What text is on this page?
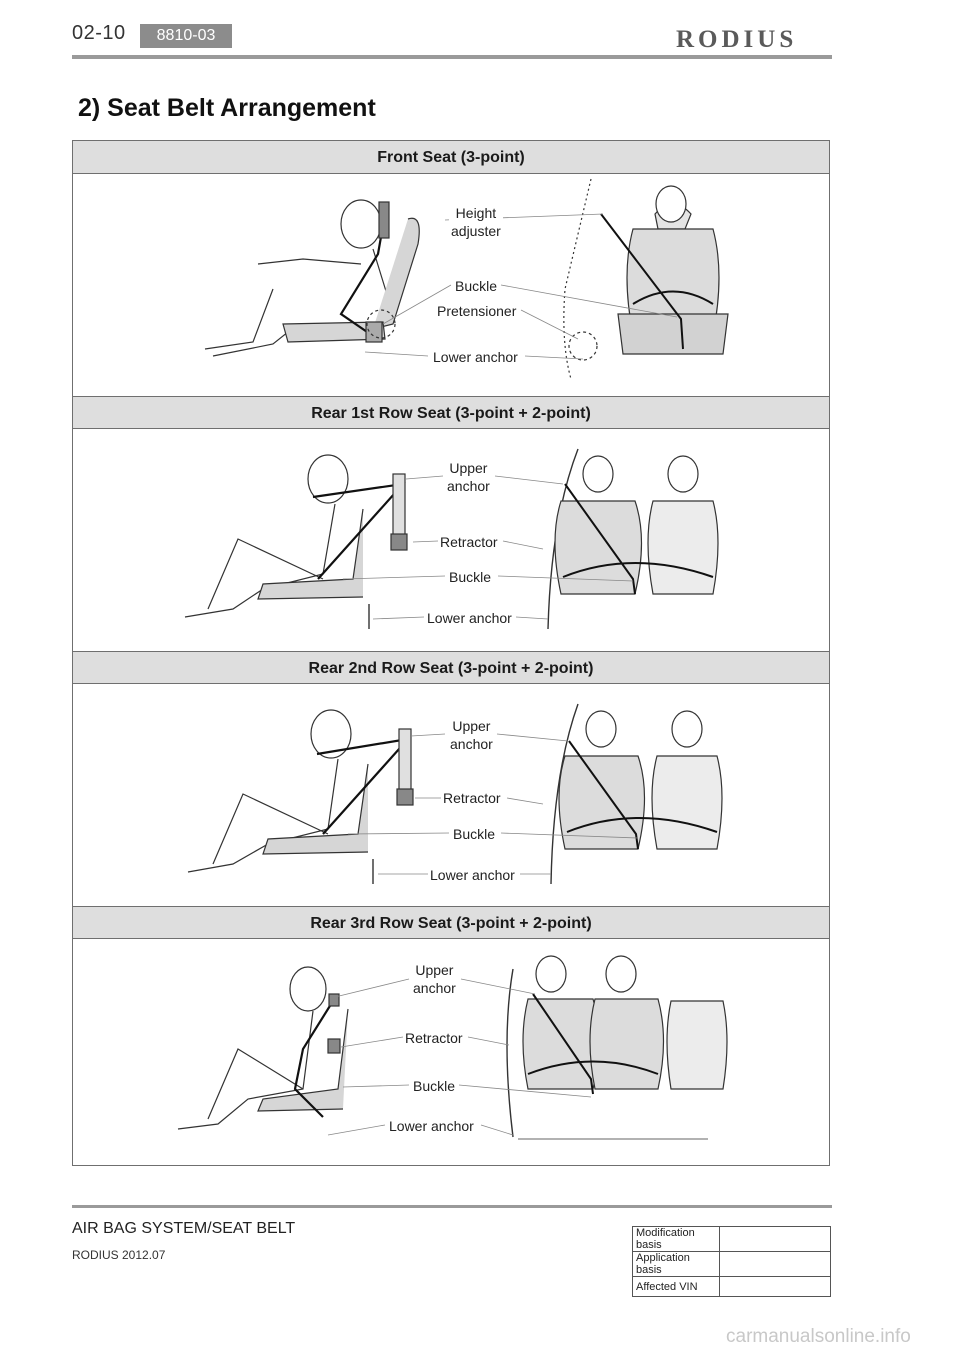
02-10	8810-03	RODIUS
2) Seat Belt Arrangement
Front Seat (3-point)
Height
adjuster
Buckle
Pretensioner
Lower anchor
Rear 1st Row Seat (3-point + 2-point)
Upper
anchor
Retractor
Buckle
Lower anchor
Rear 2nd Row Seat (3-point + 2-point)
Upper
anchor
Retractor
Buckle
Lower anchor
Rear 3rd Row Seat (3-point + 2-point)
Upper
anchor
Retractor
Buckle
Lower anchor
AIR BAG SYSTEM/SEAT BELT
RODIUS 2012.07
Modification basis	
Application basis	
Affected VIN	
carmanualsonline.info
